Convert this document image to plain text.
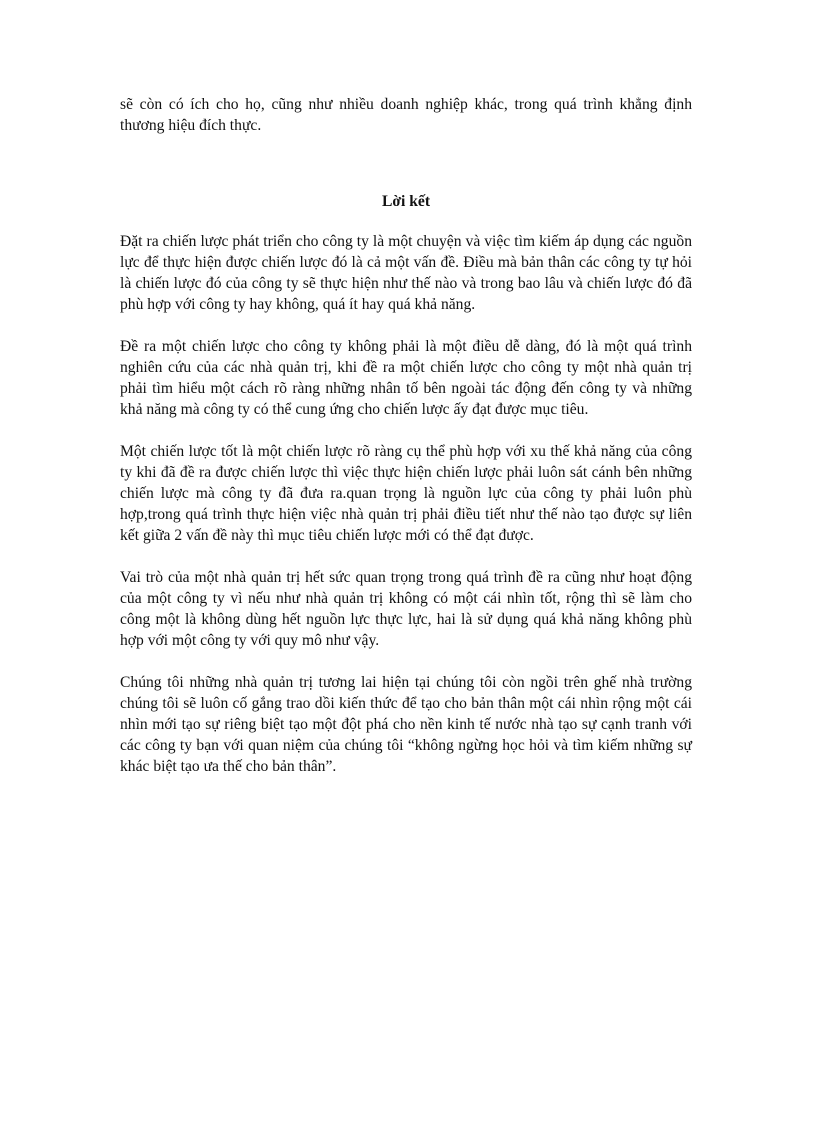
sẽ còn có ích cho họ, cũng như nhiều doanh nghiệp khác, trong quá trình khẳng định thương hiệu đích thực.

Lời kết

Đặt ra chiến lược phát triển cho công ty là một chuyện và việc tìm kiếm áp dụng các nguồn lực để thực hiện được chiến lược đó là cả một vấn đề. Điều mà bản thân các công ty tự hỏi là chiến lược đó của công ty sẽ thực hiện như thế nào và trong bao lâu và chiến lược đó đã phù hợp với công ty hay không, quá ít hay quá khả năng.

Đề ra một chiến lược cho công ty không phải là một điều dễ dàng, đó là một quá trình nghiên cứu của các nhà quản trị, khi đề ra một chiến lược cho công ty một nhà quản trị phải tìm hiểu một cách rõ ràng những nhân tố bên ngoài tác động đến công ty và những khả năng mà công ty có thể cung ứng cho chiến lược ấy đạt được mục tiêu.

Một chiến lược tốt là một chiến lược rõ ràng cụ thể phù hợp với xu thế khả năng của công ty khi đã đề ra được chiến lược thì việc thực hiện chiến lược phải luôn sát cánh bên những chiến lược mà công ty đã đưa ra.quan trọng là nguồn lực của công ty phải luôn phù hợp,trong quá trình thực hiện việc nhà quản trị phải điều tiết như thế nào tạo được sự liên kết giữa 2 vấn đề này thì mục tiêu chiến lược mới có thể đạt được.

Vai trò của một nhà quản trị hết sức quan trọng trong quá trình đề ra cũng như hoạt động của một công ty vì nếu như nhà quản trị không có một cái nhìn tốt, rộng thì sẽ làm cho công một là không dùng hết nguồn lực thực lực, hai là sử dụng quá khả năng không phù hợp với một công ty với quy mô như vậy.

Chúng tôi những nhà quản trị tương lai hiện tại chúng tôi còn ngồi trên ghế nhà trường chúng tôi sẽ luôn cố gắng trao dồi kiến thức để tạo cho bản thân một cái nhìn rộng một cái nhìn mới tạo sự riêng biệt tạo một đột phá cho nền kinh tế nước nhà tạo sự cạnh tranh với các công ty bạn với quan niệm của chúng tôi “không ngừng học hỏi và tìm kiếm những sự khác biệt tạo ưa thế cho bản thân”.
